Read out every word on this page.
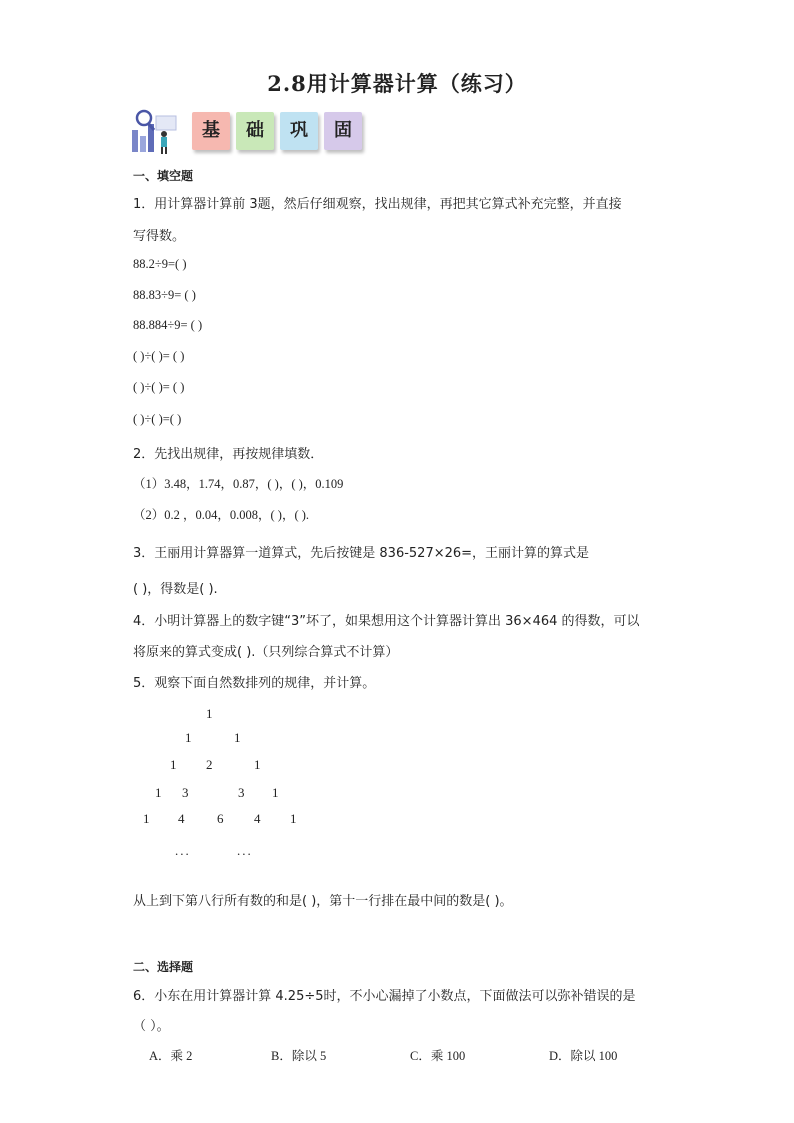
2.8用计算器计算（练习）
基	础	巩	固
一、填空题
1．用计算器计算前 3题，然后仔细观察，找出规律，再把其它算式补充完整，并直接
写得数。
88.2÷9=( )
88.83÷9= ( )
88.884÷9= ( )
( )÷( )= ( )
( )÷( )= ( )
( )÷( )=( )
2．先找出规律，再按规律填数．
（1）3.48，1.74，0.87，( )，( )，0.109
（2）0.2 ，0.04，0.008，( )，( ).
3．王丽用计算器算一道算式，先后按键是 836-527×26=，王丽计算的算式是
( )，得数是( ).
4．小明计算器上的数字键“3”坏了，如果想用这个计算器计算出 36×464 的得数，可以
将原来的算式变成( ).（只列综合算式不计算）
5．观察下面自然数排列的规律，并计算。
1
1	1
1 2	1
1 3	3 1
1 4	6 4 1
...	...
从上到下第八行所有数的和是( )，第十一行排在最中间的数是( )。
二、选择题
6．小东在用计算器计算 4.25÷5时，不小心漏掉了小数点，下面做法可以弥补错误的是
（ ）。
A．乘 2	B．除以 5	C．乘 100	D．除以 100
